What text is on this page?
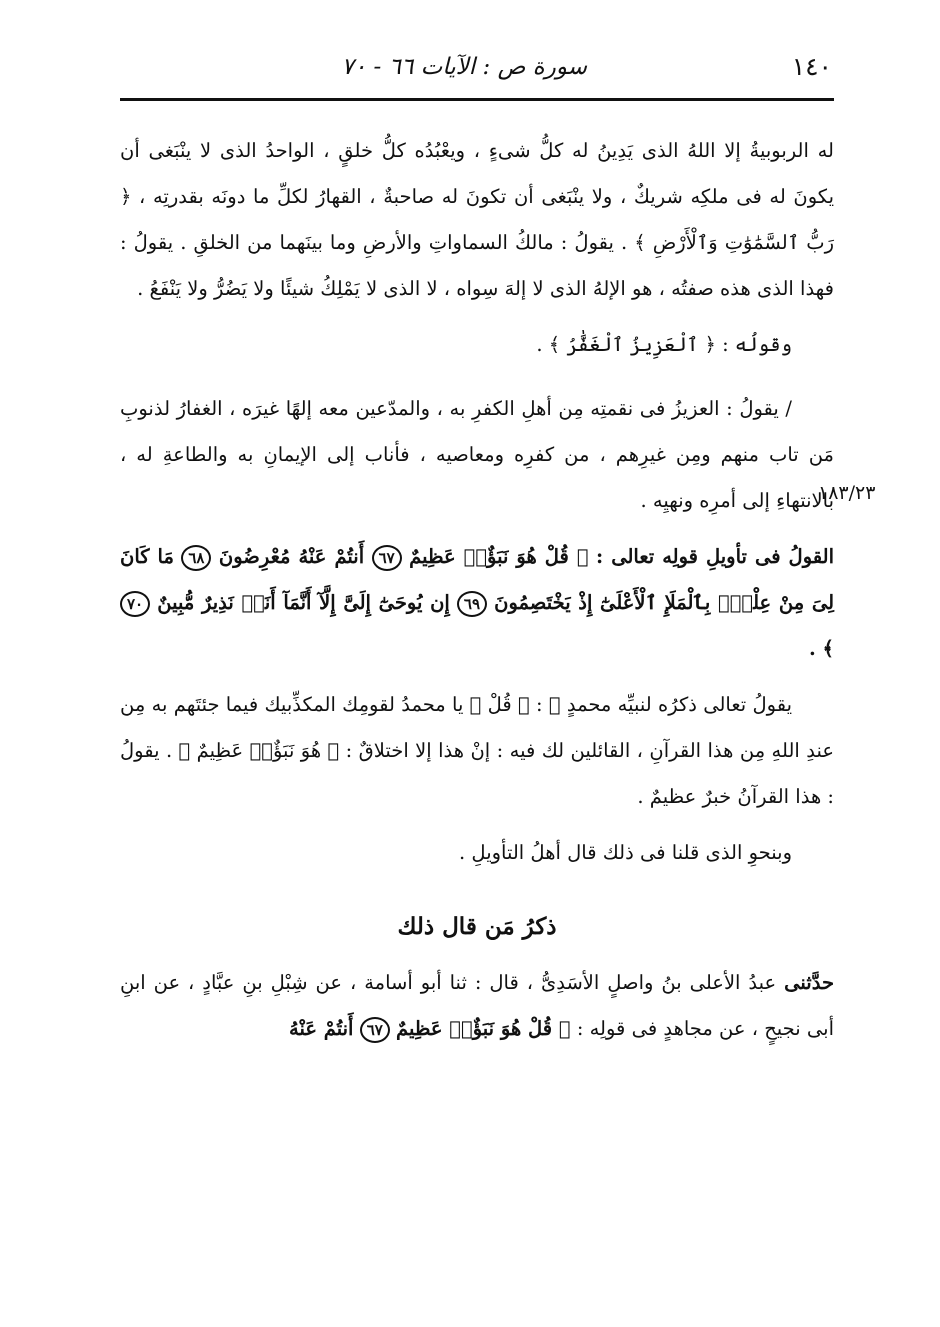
١٤٠
سورة ص : الآيات ٦٦ - ٧٠
١٨٣/٢٣

له الربوبيةُ إلا اللهُ الذى يَدِينُ له كلُّ شىءٍ ، ويعْبُدُه كلُّ خلقٍ ، الواحدُ الذى لا ينْبَغى أن يكونَ له فى ملكِه شريكٌ ، ولا ينْبَغى أن تكونَ له صاحبةٌ ، القهارُ لكلِّ ما دونَه بقدرتِه ، ﴿ رَبُّ ٱلسَّمَٰوَٰتِ وَٱلْأَرْضِ ﴾ . يقولُ : مالكُ السماواتِ والأرضِ وما بينَهما من الخلقِ . يقولُ : فهذا الذى هذه صفتُه ، هو الإلهُ الذى لا إلهَ سِواه ، لا الذى لا يَمْلِكُ شيئًا ولا يَضُرُّ ولا يَنْفَعُ .

وقولُه : ﴿ ٱلْعَزِيزُ ٱلْغَفَّٰرُ ﴾ .

/ يقولُ : العزيزُ فى نقمتِه مِن أهلِ الكفرِ به ، والمدّعين معه إلهًا غيرَه ، الغفارُ لذنوبِ مَن تاب منهم ومِن غيرِهم ، من كفرِه ومعاصيه ، فأناب إلى الإيمانِ به والطاعةِ له ، بالانتهاءِ إلى أمرِه ونهيِه .

القولُ فى تأويلِ قولِه تعالى : ﴿ قُلْ هُوَ نَبَؤٌا۟ عَظِيمٌ ٦٧ أَنتُمْ عَنْهُ مُعْرِضُونَ ٦٨ مَا كَانَ لِىَ مِنْ عِلْمٍۭ بِٱلْمَلَإِ ٱلْأَعْلَىٰٓ إِذْ يَخْتَصِمُونَ ٦٩ إِن يُوحَىٰٓ إِلَىَّ إِلَّآ أَنَّمَآ أَنَا۠ نَذِيرٌ مُّبِينٌ ٧٠ ﴾ .

يقولُ تعالى ذكرُه لنبيِّه محمدٍ ﷺ : ﴿ قُلْ ﴾ يا محمدُ لقومِك المكذِّبيك فيما جئتَهم به مِن عندِ اللهِ مِن هذا القرآنِ ، القائلين لك فيه : إنْ هذا إلا اختلاقٌ : ﴿ هُوَ نَبَؤٌا۟ عَظِيمٌ ﴾ . يقولُ : هذا القرآنُ خبرٌ عظيمٌ .

وبنحوِ الذى قلنا فى ذلك قال أهلُ التأويلِ .

ذكرُ مَن قال ذلك

حدَّثنى عبدُ الأعلى بنُ واصلٍ الأسَدِىُّ ، قال : ثنا أبو أسامة ، عن شِبْلِ بنِ عبَّادٍ ، عن ابنِ أبى نجيحٍ ، عن مجاهدٍ فى قولِه : ﴿ قُلْ هُوَ نَبَؤٌا۟ عَظِيمٌ ٦٧ أَنتُمْ عَنْهُ
